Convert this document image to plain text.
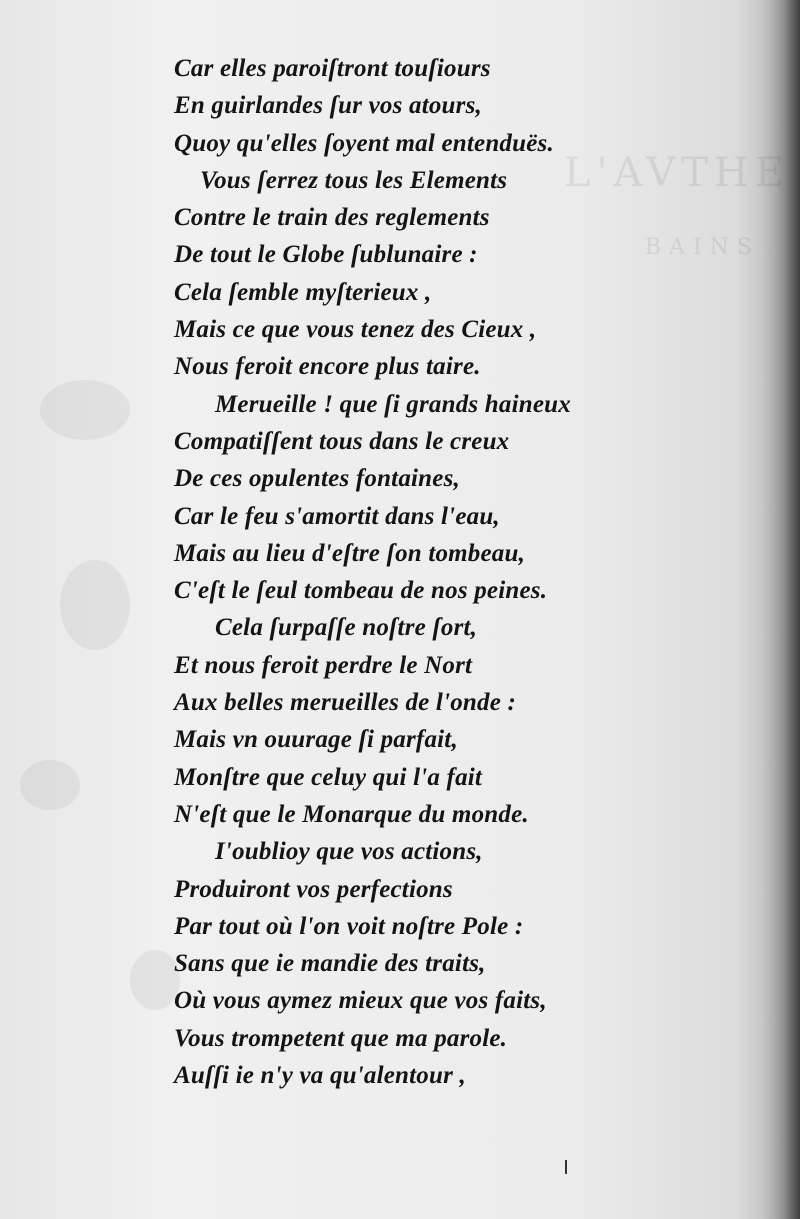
L'AVTHE
BAINS
Car elles paroiſtront touſiours
En guirlandes ſur vos atours,
Quoy qu'elles ſoyent mal entenduës.
Vous ſerrez tous les Elements
Contre le train des reglements
De tout le Globe ſublunaire :
Cela ſemble myſterieux ,
Mais ce que vous tenez des Cieux ,
Nous feroit encore plus taire.
Merueille ! que ſi grands haineux
Compatiſſent tous dans le creux
De ces opulentes fontaines,
Car le feu s'amortit dans l'eau,
Mais au lieu d'eſtre ſon tombeau,
C'eſt le ſeul tombeau de nos peines.
Cela ſurpaſſe noſtre ſort,
Et nous feroit perdre le Nort
Aux belles merueilles de l'onde :
Mais vn ouurage ſi parfait,
Monſtre que celuy qui l'a fait
N'eſt que le Monarque du monde.
I'oublioy que vos actions,
Produiront vos perfections
Par tout où l'on voit noſtre Pole :
Sans que ie mandie des traits,
Où vous aymez mieux que vos faits,
Vous trompetent que ma parole.
Auſſi ie n'y va qu'alentour ,
